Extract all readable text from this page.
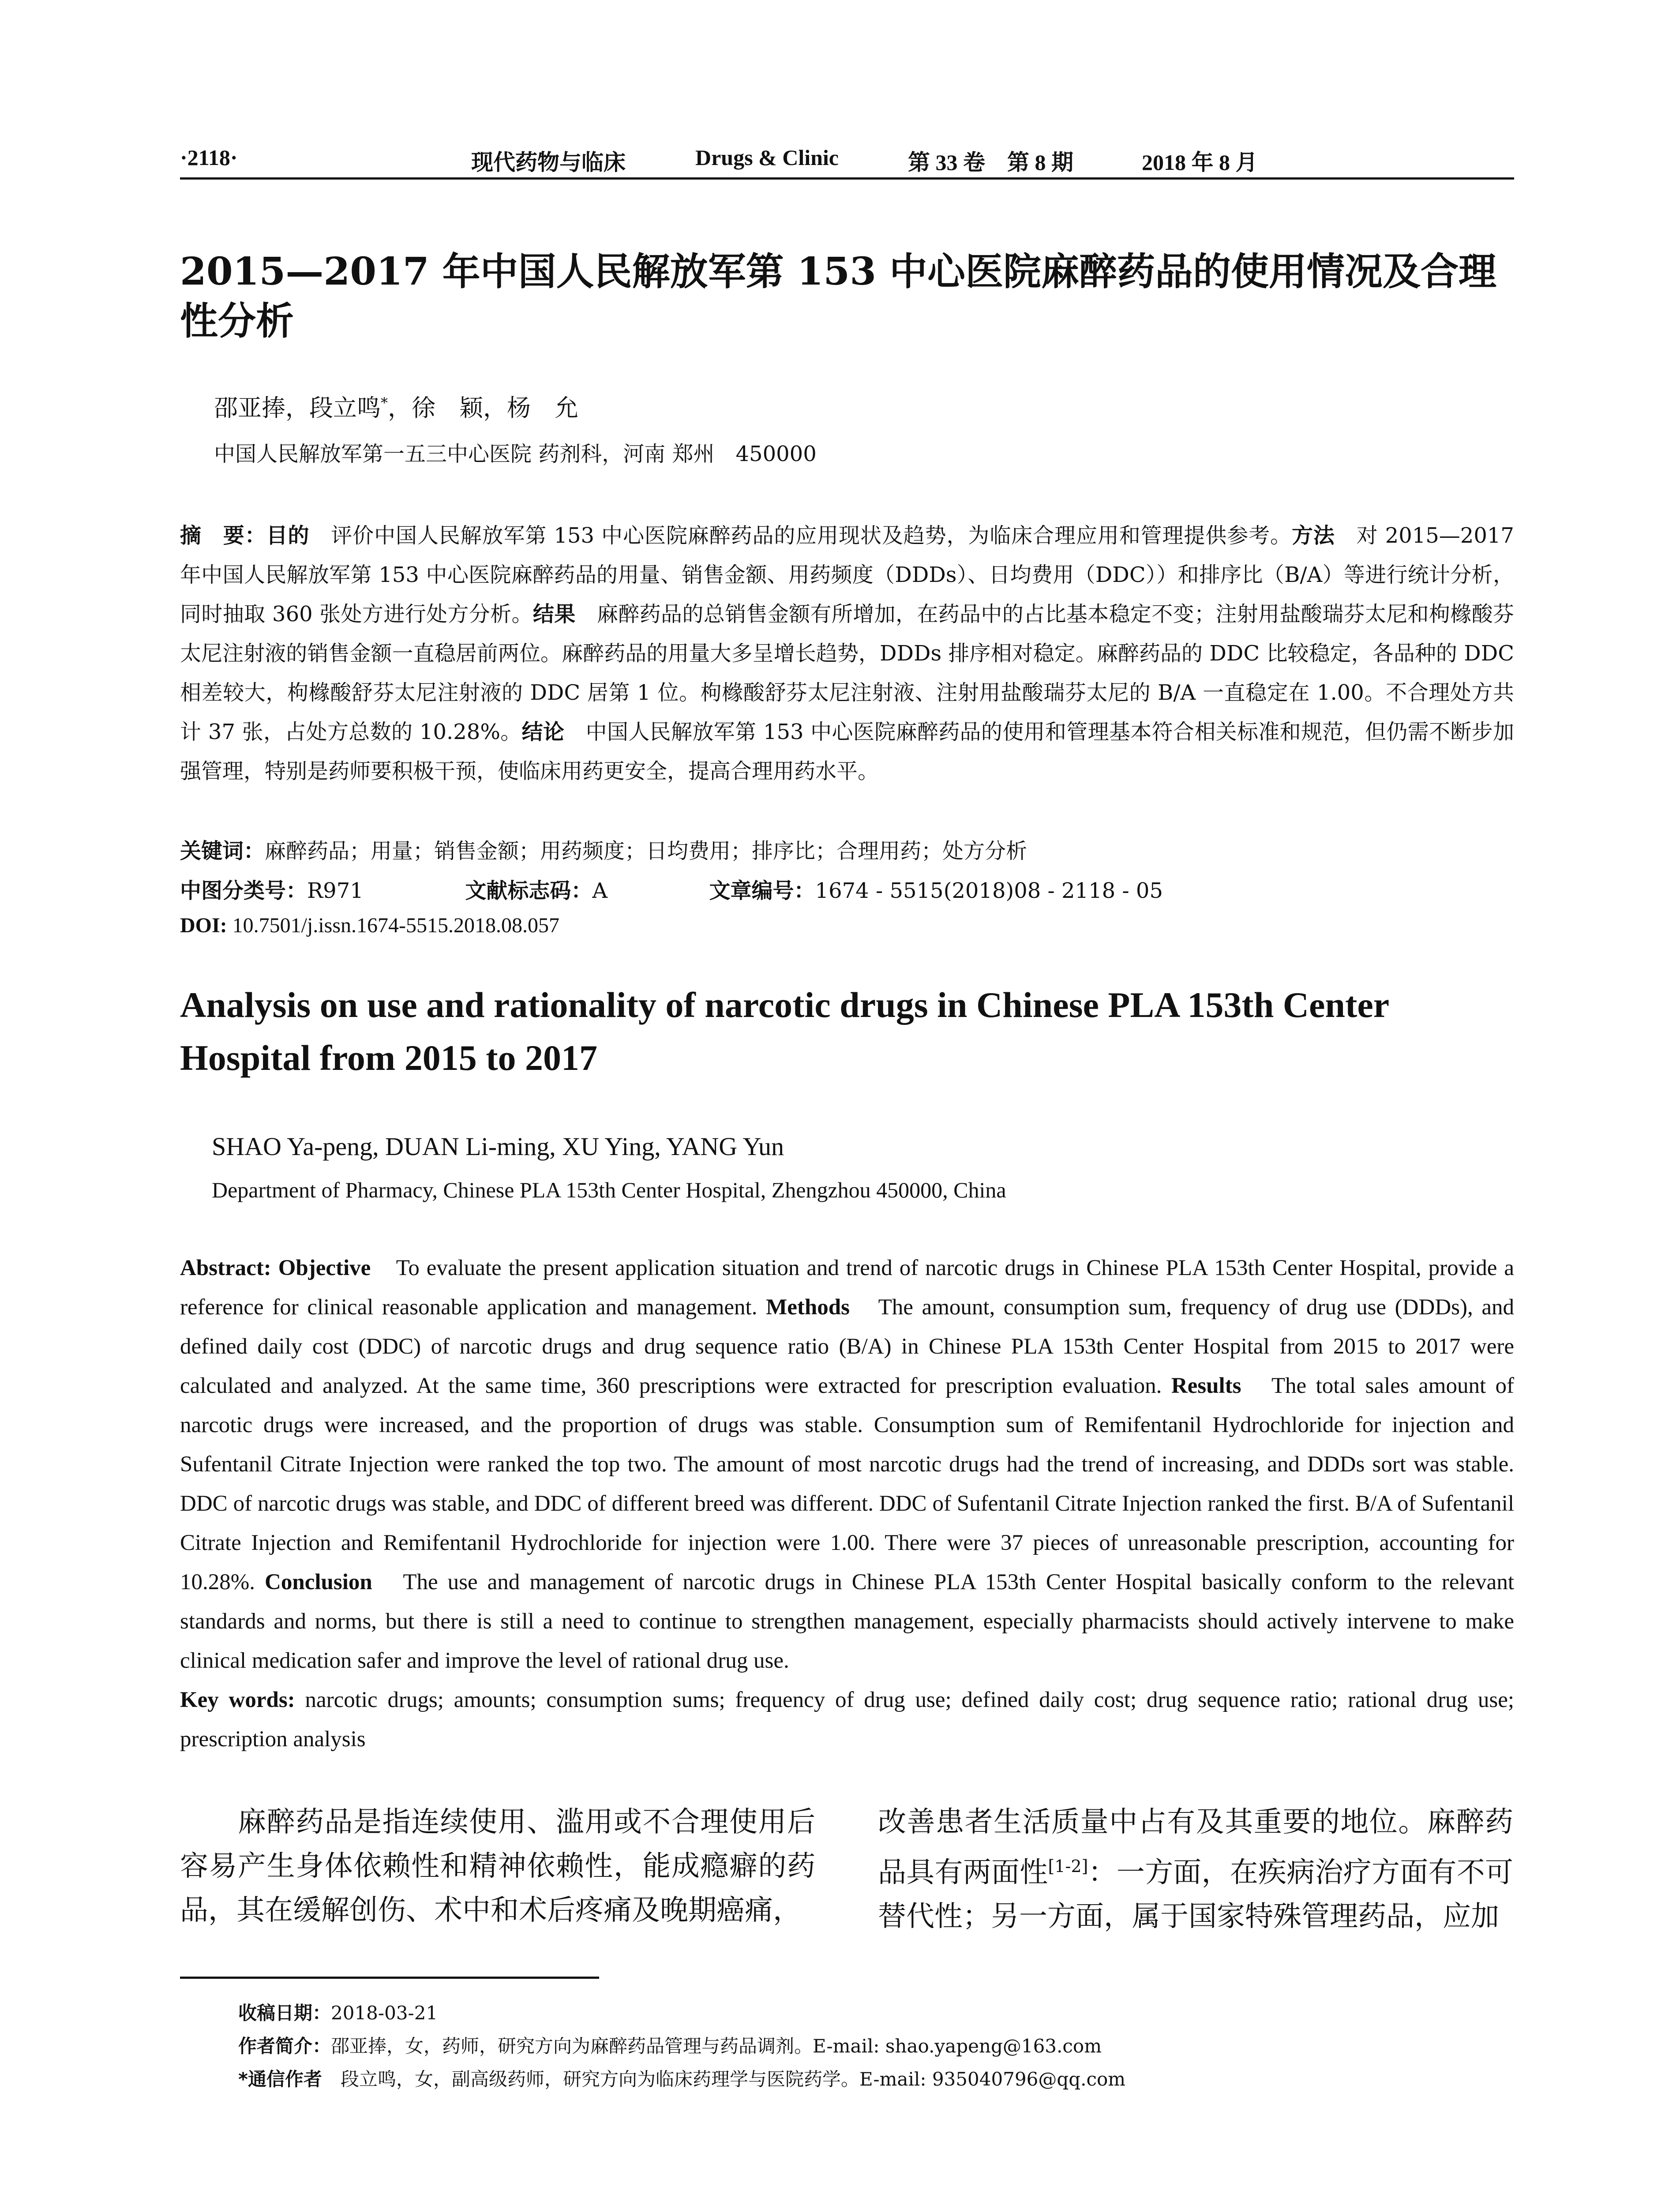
·2118·	现代药物与临床	Drugs & Clinic	第 33 卷　第 8 期	2018 年 8 月
2015—2017 年中国人民解放军第 153 中心医院麻醉药品的使用情况及合理性分析
邵亚捧，段立鸣*，徐　颖，杨　允
中国人民解放军第一五三中心医院 药剂科，河南 郑州　450000
摘　要：目的　评价中国人民解放军第 153 中心医院麻醉药品的应用现状及趋势，为临床合理应用和管理提供参考。方法　对 2015—2017 年中国人民解放军第 153 中心医院麻醉药品的用量、销售金额、用药频度（DDDs）、日均费用（DDC））和排序比（B/A）等进行统计分析，同时抽取 360 张处方进行处方分析。结果　麻醉药品的总销售金额有所增加，在药品中的占比基本稳定不变；注射用盐酸瑞芬太尼和枸橼酸芬太尼注射液的销售金额一直稳居前两位。麻醉药品的用量大多呈增长趋势，DDDs 排序相对稳定。麻醉药品的 DDC 比较稳定，各品种的 DDC 相差较大，枸橼酸舒芬太尼注射液的 DDC 居第 1 位。枸橼酸舒芬太尼注射液、注射用盐酸瑞芬太尼的 B/A 一直稳定在 1.00。不合理处方共计 37 张，占处方总数的 10.28%。结论　中国人民解放军第 153 中心医院麻醉药品的使用和管理基本符合相关标准和规范，但仍需不断步加强管理，特别是药师要积极干预，使临床用药更安全，提高合理用药水平。
关键词：麻醉药品；用量；销售金额；用药频度；日均费用；排序比；合理用药；处方分析
中图分类号：R971	文献标志码：A	文章编号：1674 - 5515(2018)08 - 2118 - 05
DOI: 10.7501/j.issn.1674-5515.2018.08.057
Analysis on use and rationality of narcotic drugs in Chinese PLA 153th Center Hospital from 2015 to 2017
SHAO Ya-peng, DUAN Li-ming, XU Ying, YANG Yun
Department of Pharmacy, Chinese PLA 153th Center Hospital, Zhengzhou 450000, China
Abstract: Objective　To evaluate the present application situation and trend of narcotic drugs in Chinese PLA 153th Center Hospital, provide a reference for clinical reasonable application and management. Methods　The amount, consumption sum, frequency of drug use (DDDs), and defined daily cost (DDC) of narcotic drugs and drug sequence ratio (B/A) in Chinese PLA 153th Center Hospital from 2015 to 2017 were calculated and analyzed. At the same time, 360 prescriptions were extracted for prescription evaluation. Results　The total sales amount of narcotic drugs were increased, and the proportion of drugs was stable. Consumption sum of Remifentanil Hydrochloride for injection and Sufentanil Citrate Injection were ranked the top two. The amount of most narcotic drugs had the trend of increasing, and DDDs sort was stable. DDC of narcotic drugs was stable, and DDC of different breed was different. DDC of Sufentanil Citrate Injection ranked the first. B/A of Sufentanil Citrate Injection and Remifentanil Hydrochloride for injection were 1.00. There were 37 pieces of unreasonable prescription, accounting for 10.28%. Conclusion　The use and management of narcotic drugs in Chinese PLA 153th Center Hospital basically conform to the relevant standards and norms, but there is still a need to continue to strengthen management, especially pharmacists should actively intervene to make clinical medication safer and improve the level of rational drug use.
Key words: narcotic drugs; amounts; consumption sums; frequency of drug use; defined daily cost; drug sequence ratio; rational drug use; prescription analysis
　　麻醉药品是指连续使用、滥用或不合理使用后容易产生身体依赖性和精神依赖性，能成瘾癖的药品，其在缓解创伤、术中和术后疼痛及晚期癌痛，
改善患者生活质量中占有及其重要的地位。麻醉药品具有两面性[1-2]：一方面，在疾病治疗方面有不可替代性；另一方面，属于国家特殊管理药品，应加
收稿日期：2018-03-21
作者简介：邵亚捧，女，药师，研究方向为麻醉药品管理与药品调剂。E-mail: shao.yapeng@163.com
*通信作者　段立鸣，女，副高级药师，研究方向为临床药理学与医院药学。E-mail: 935040796@qq.com
